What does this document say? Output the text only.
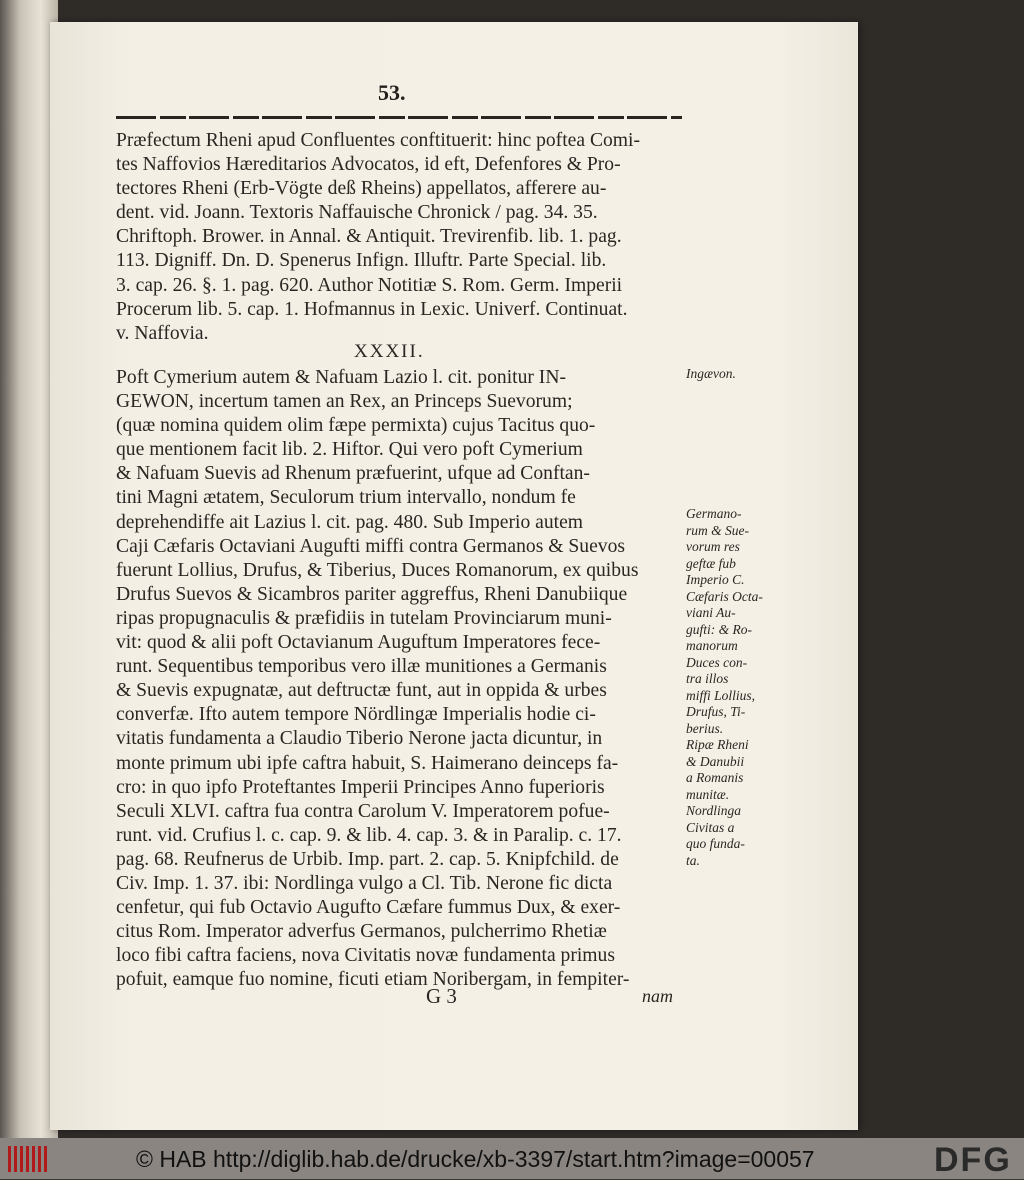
53.
Præfectum Rheni apud Confluentes conftituerit: hinc poftea Comi-
tes Naffovios Hæreditarios Advocatos, id eft, Defenfores & Pro-
tectores Rheni (Erb-Vögte deß Rheins) appellatos, afferere au-
dent. vid. Joann. Textoris Naffauische Chronick / pag. 34. 35.
Chriftoph. Brower. in Annal. & Antiquit. Trevirenfib. lib. 1. pag.
113. Digniff. Dn. D. Spenerus Infign. Illuftr. Parte Special. lib.
3. cap. 26. §. 1. pag. 620. Author Notitiæ S. Rom. Germ. Imperii
Procerum lib. 5. cap. 1. Hofmannus in Lexic. Univerf. Continuat.
v. Naffovia.
XXXII.
Poft Cymerium autem & Nafuam Lazio l. cit. ponitur IN-
GEWON, incertum tamen an Rex, an Princeps Suevorum;
(quæ nomina quidem olim fæpe permixta) cujus Tacitus quo-
que mentionem facit lib. 2. Hiftor. Qui vero poft Cymerium
& Nafuam Suevis ad Rhenum præfuerint, ufque ad Conftan-
tini Magni ætatem, Seculorum trium intervallo, nondum fe
deprehendiffe ait Lazius l. cit. pag. 480. Sub Imperio autem
Caji Cæfaris Octaviani Augufti miffi contra Germanos & Suevos
fuerunt Lollius, Drufus, & Tiberius, Duces Romanorum, ex quibus
Drufus Suevos & Sicambros pariter aggreffus, Rheni Danubiique
ripas propugnaculis & præfidiis in tutelam Provinciarum muni-
vit: quod & alii poft Octavianum Auguftum Imperatores fece-
runt. Sequentibus temporibus vero illæ munitiones a Germanis
& Suevis expugnatæ, aut deftructæ funt, aut in oppida & urbes
converfæ. Ifto autem tempore Nördlingæ Imperialis hodie ci-
vitatis fundamenta a Claudio Tiberio Nerone jacta dicuntur, in
monte primum ubi ipfe caftra habuit, S. Haimerano deinceps fa-
cro: in quo ipfo Proteftantes Imperii Principes Anno fuperioris
Seculi XLVI. caftra fua contra Carolum V. Imperatorem pofue-
runt. vid. Crufius l. c. cap. 9. & lib. 4. cap. 3. & in Paralip. c. 17.
pag. 68. Reufnerus de Urbib. Imp. part. 2. cap. 5. Knipfchild. de
Civ. Imp. 1. 37. ibi: Nordlinga vulgo a Cl. Tib. Nerone fic dicta
cenfetur, qui fub Octavio Augufto Cæfare fummus Dux, & exer-
citus Rom. Imperator adverfus Germanos, pulcherrimo Rhetiæ
loco fibi caftra faciens, nova Civitatis novæ fundamenta primus
pofuit, eamque fuo nomine, ficuti etiam Noribergam, in fempiter-
Ingævon.
Germano-
rum & Sue-
vorum res
geftæ fub
Imperio C.
Cæfaris Octa-
viani Au-
gufti: & Ro-
manorum
Duces con-
tra illos
miffi Lollius,
Drufus, Ti-
berius.
Ripæ Rheni
& Danubii
a Romanis
munitæ.
Nordlinga
Civitas a
quo funda-
ta.
G 3	nam
© HAB http://diglib.hab.de/drucke/xb-3397/start.htm?image=00057	DFG
